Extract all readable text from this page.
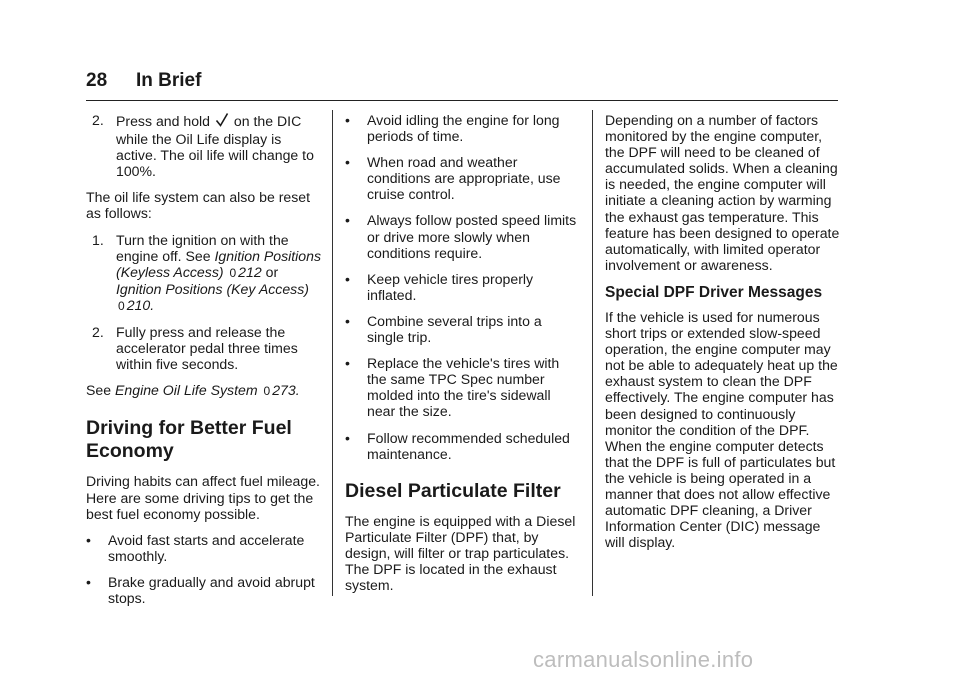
28 In Brief
2. Press and hold on the DIC while the Oil Life display is active. The oil life will change to 100%.

The oil life system can also be reset as follows:

1. Turn the ignition on with the engine off. See Ignition Positions (Keyless Access) 0 212 or Ignition Positions (Key Access) 0 210.

2. Fully press and release the accelerator pedal three times within five seconds.

See Engine Oil Life System 0 273.

Driving for Better Fuel Economy

Driving habits can affect fuel mileage. Here are some driving tips to get the best fuel economy possible.

• Avoid fast starts and accelerate smoothly.

• Brake gradually and avoid abrupt stops.

• Avoid idling the engine for long periods of time.

• When road and weather conditions are appropriate, use cruise control.

• Always follow posted speed limits or drive more slowly when conditions require.

• Keep vehicle tires properly inflated.

• Combine several trips into a single trip.

• Replace the vehicle's tires with the same TPC Spec number molded into the tire's sidewall near the size.

• Follow recommended scheduled maintenance.

Diesel Particulate Filter

The engine is equipped with a Diesel Particulate Filter (DPF) that, by design, will filter or trap particulates. The DPF is located in the exhaust system.

Depending on a number of factors monitored by the engine computer, the DPF will need to be cleaned of accumulated solids. When a cleaning is needed, the engine computer will initiate a cleaning action by warming the exhaust gas temperature. This feature has been designed to operate automatically, with limited operator involvement or awareness.

Special DPF Driver Messages

If the vehicle is used for numerous short trips or extended slow-speed operation, the engine computer may not be able to adequately heat up the exhaust system to clean the DPF effectively. The engine computer has been designed to continuously monitor the condition of the DPF. When the engine computer detects that the DPF is full of particulates but the vehicle is being operated in a manner that does not allow effective automatic DPF cleaning, a Driver Information Center (DIC) message will display.

carmanualsonline.info
